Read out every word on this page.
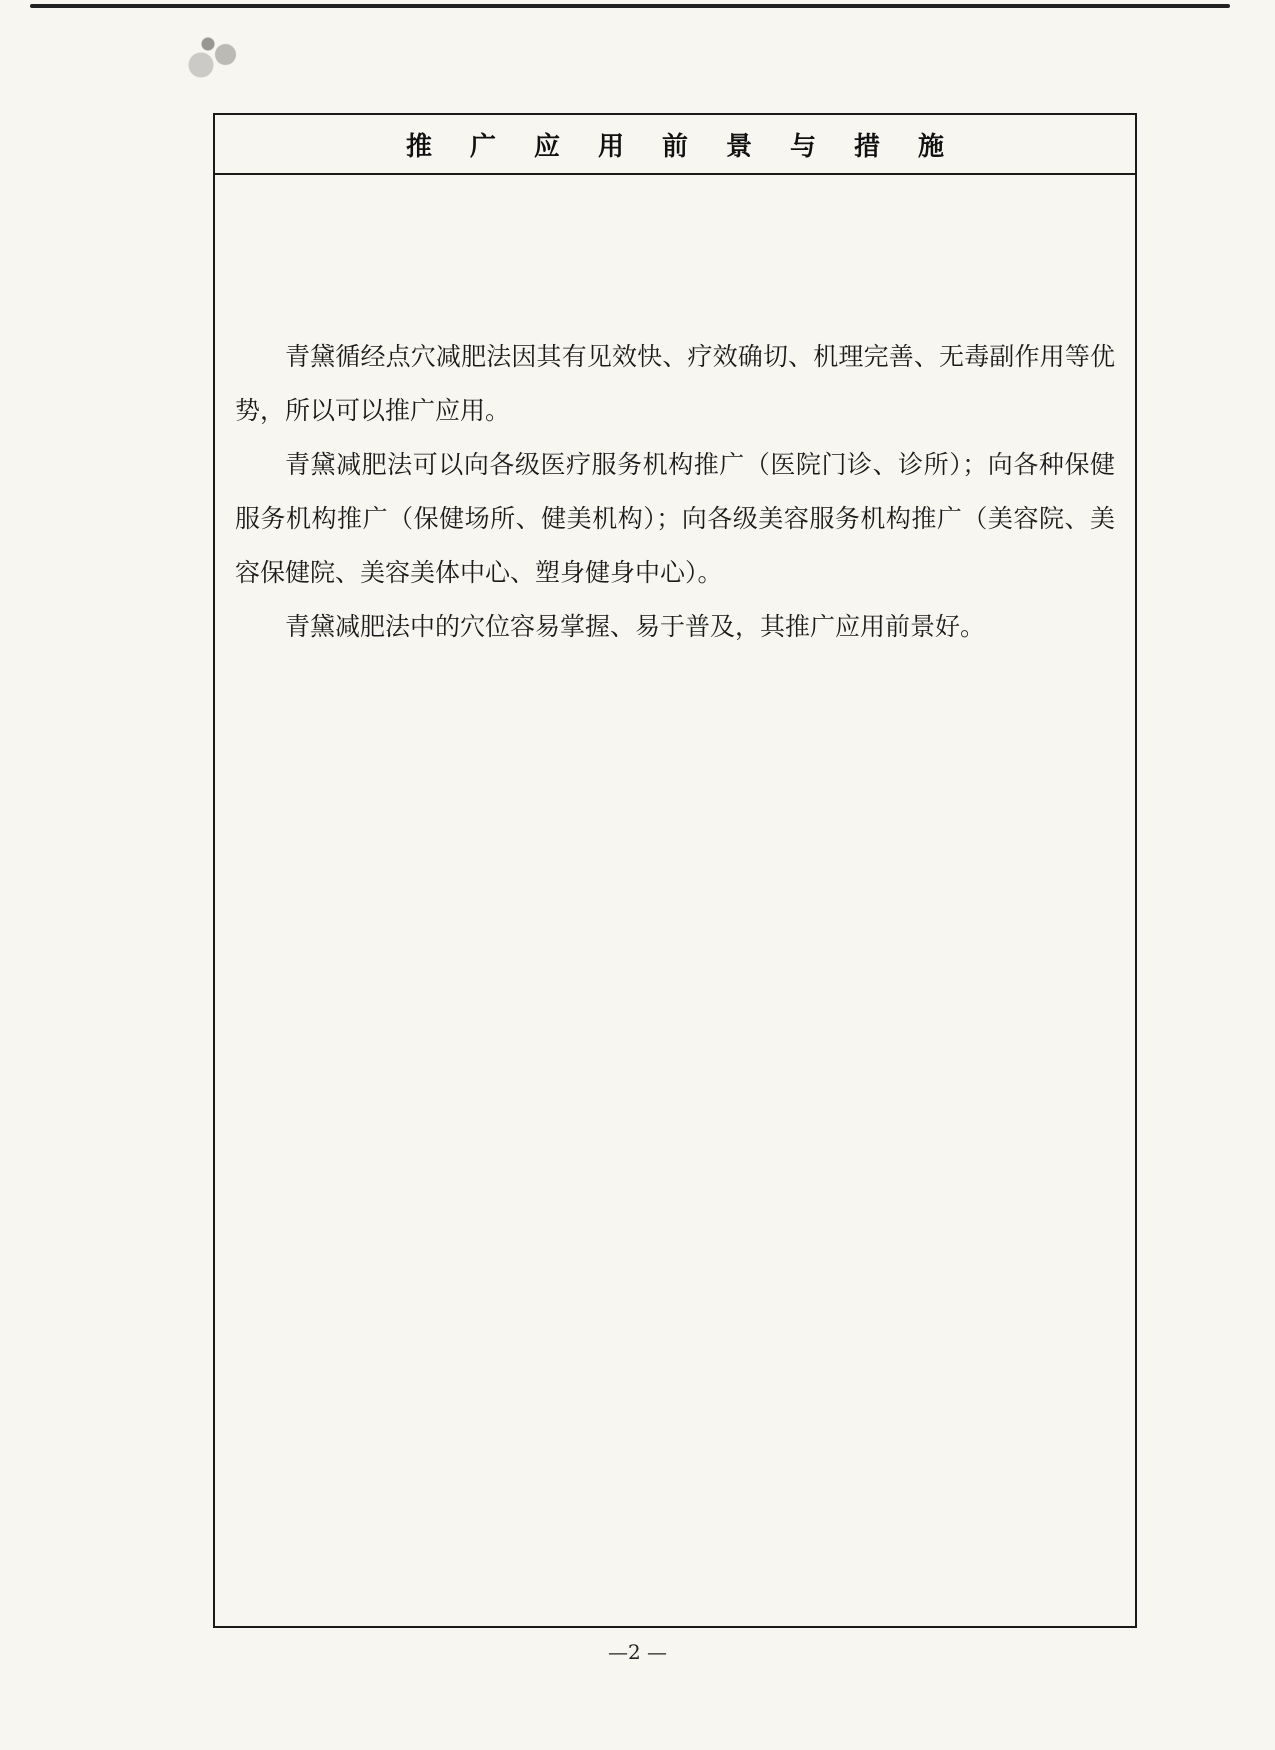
推广应用前景与措施

青黛循经点穴减肥法因其有见效快、疗效确切、机理完善、无毒副作用等优势，所以可以推广应用。

青黛减肥法可以向各级医疗服务机构推广（医院门诊、诊所）；向各种保健服务机构推广（保健场所、健美机构）；向各级美容服务机构推广（美容院、美容保健院、美容美体中心、塑身健身中心）。

青黛减肥法中的穴位容易掌握、易于普及，其推广应用前景好。

—2 —
